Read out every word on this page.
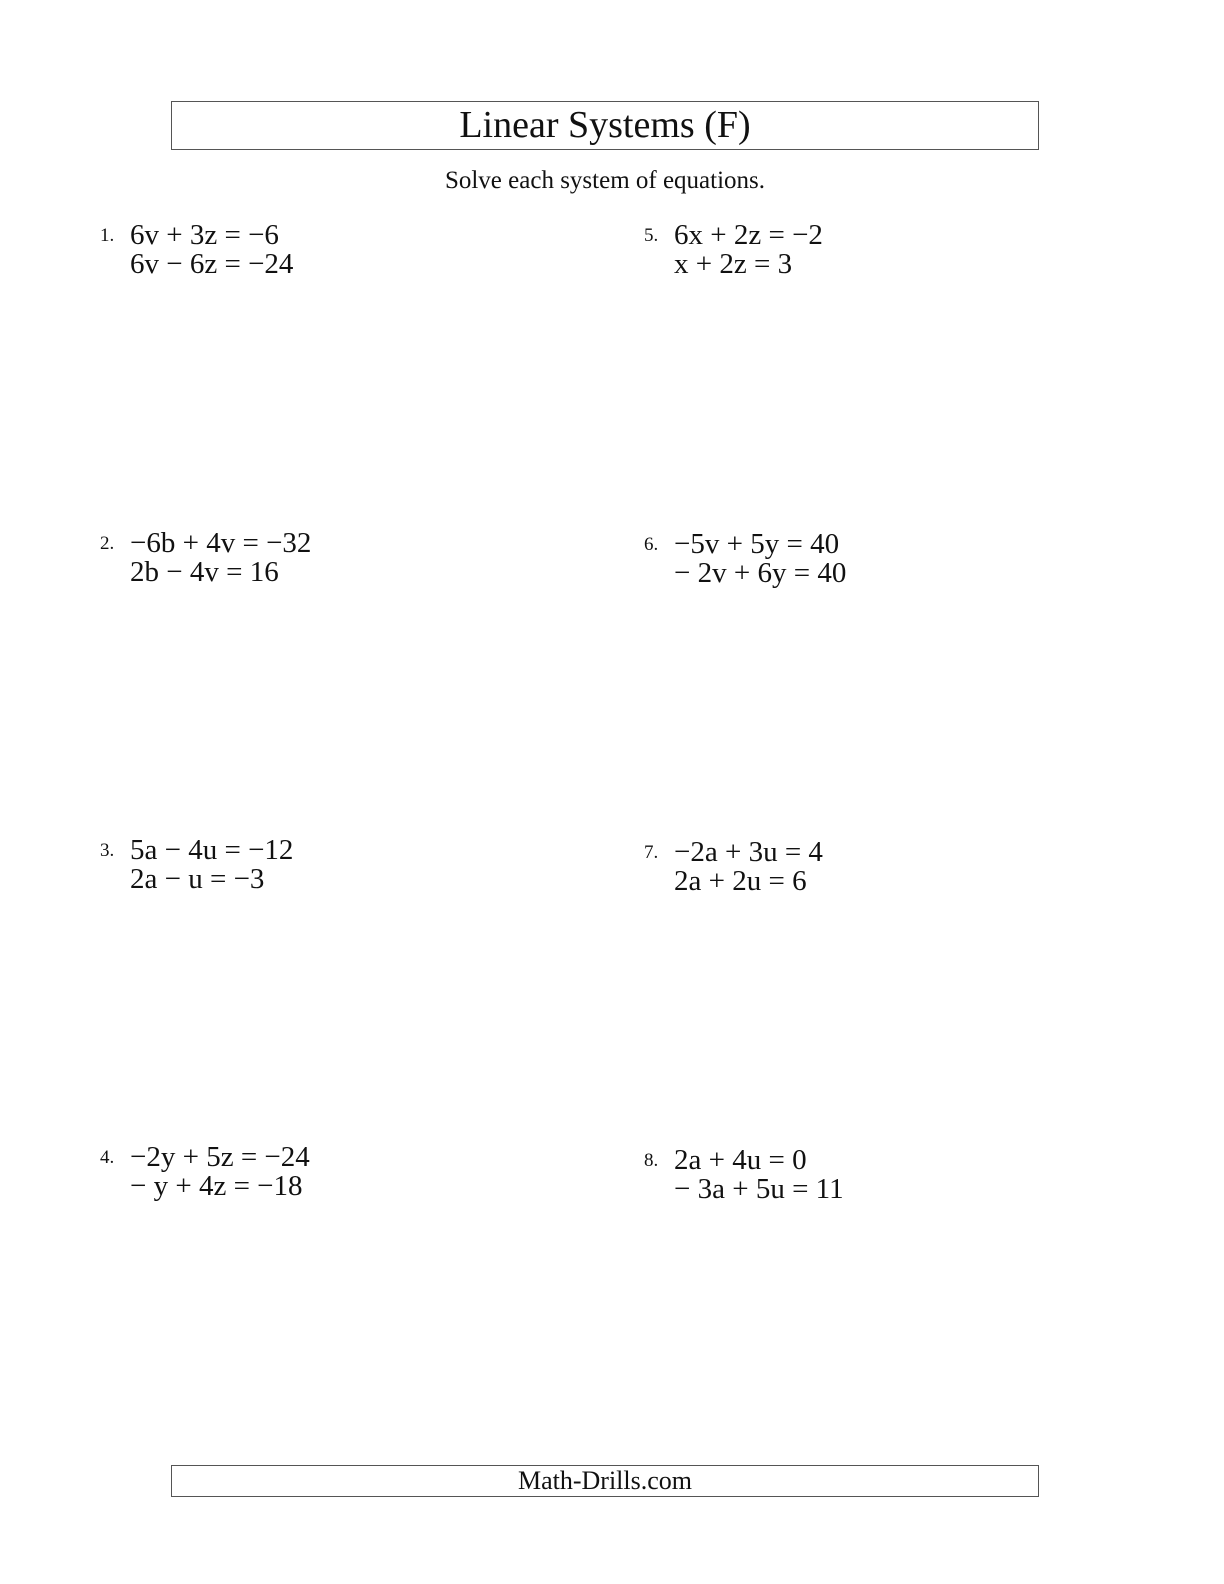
Linear Systems (F)
Solve each system of equations.
1. 6v + 3z = −6
6v − 6z = −24
2. −6b + 4v = −32
2b − 4v = 16
3. 5a − 4u = −12
2a − u = −3
4. −2y + 5z = −24
− y + 4z = −18
5. 6x + 2z = −2
x + 2z = 3
6. −5v + 5y = 40
− 2v + 6y = 40
7. −2a + 3u = 4
2a + 2u = 6
8. 2a + 4u = 0
− 3a + 5u = 11
Math-Drills.com
